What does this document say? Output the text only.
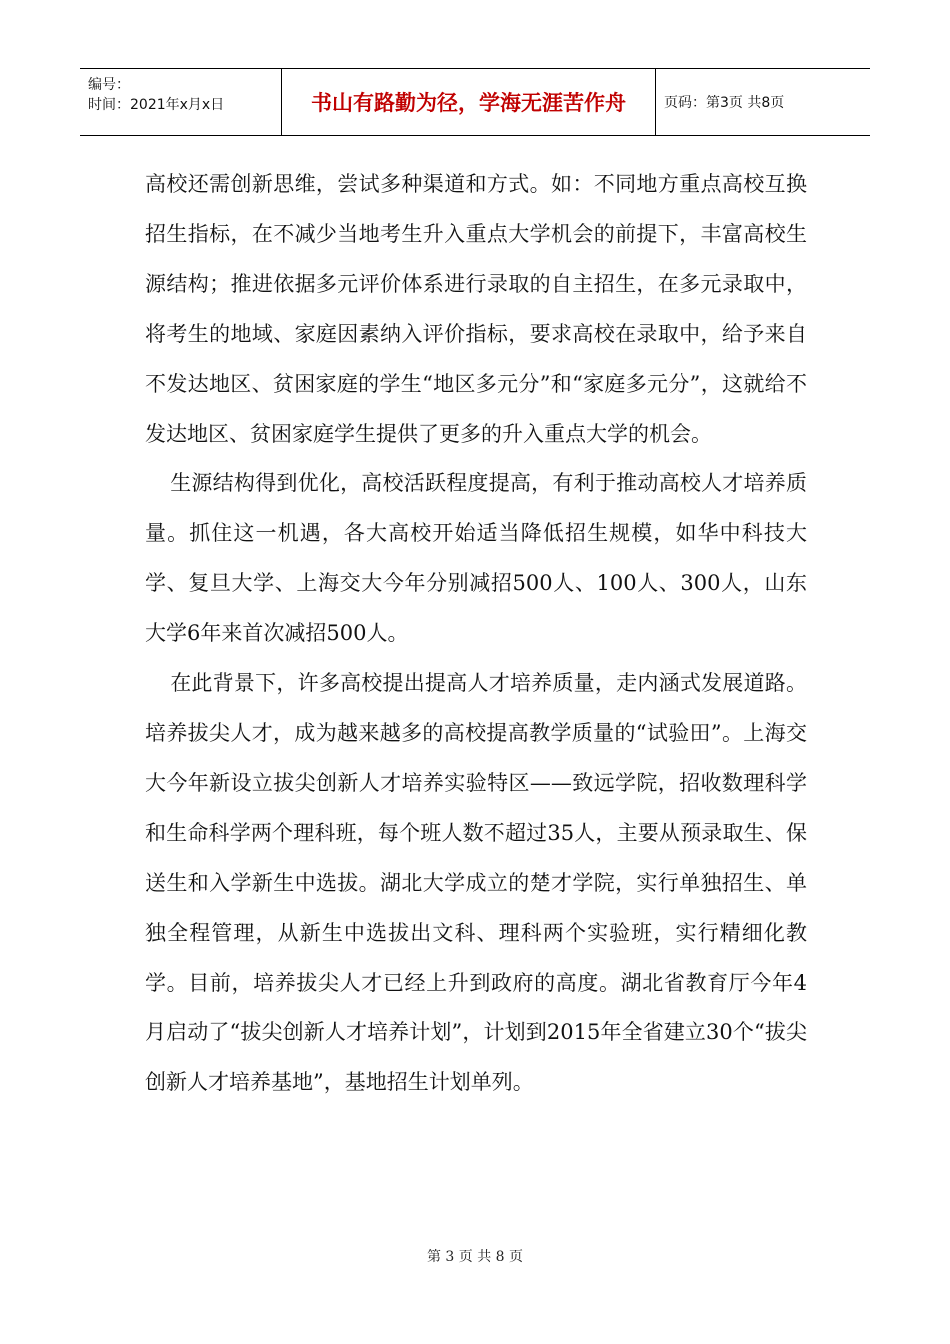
编号：
时间：2021年x月x日	书山有路勤为径，学海无涯苦作舟	页码：第3页 共8页

高校还需创新思维，尝试多种渠道和方式。如：不同地方重点高校互换招生指标，在不减少当地考生升入重点大学机会的前提下，丰富高校生源结构；推进依据多元评价体系进行录取的自主招生，在多元录取中，将考生的地域、家庭因素纳入评价指标，要求高校在录取中，给予来自不发达地区、贫困家庭的学生“地区多元分”和“家庭多元分”，这就给不发达地区、贫困家庭学生提供了更多的升入重点大学的机会。

生源结构得到优化，高校活跃程度提高，有利于推动高校人才培养质量。抓住这一机遇，各大高校开始适当降低招生规模，如华中科技大学、复旦大学、上海交大今年分别减招500人、100人、300人，山东大学6年来首次减招500人。

在此背景下，许多高校提出提高人才培养质量，走内涵式发展道路。培养拔尖人才，成为越来越多的高校提高教学质量的“试验田”。上海交大今年新设立拔尖创新人才培养实验特区——致远学院，招收数理科学和生命科学两个理科班，每个班人数不超过35人，主要从预录取生、保送生和入学新生中选拔。湖北大学成立的楚才学院，实行单独招生、单独全程管理，从新生中选拔出文科、理科两个实验班，实行精细化教学。目前，培养拔尖人才已经上升到政府的高度。湖北省教育厅今年4月启动了“拔尖创新人才培养计划”，计划到2015年全省建立30个“拔尖创新人才培养基地”，基地招生计划单列。

第 3 页 共 8 页
